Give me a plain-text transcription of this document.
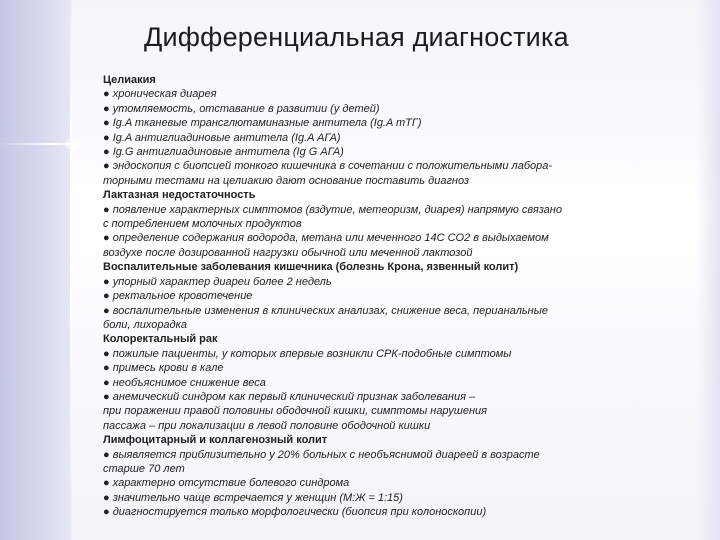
Дифференциальная диагностика
Целиакия
● хроническая диарея
● утомляемость, отставание в развитии (у детей)
● Ig.A тканевые трансглютаминазные антитела (Ig.A тТГ)
● Ig.A антиглиадиновые антитела (Ig.A АГА)
● Ig.G антиглиадиновые антитела (Ig G АГА)
● эндоскопия с биопсией тонкого кишечника в сочетании с положительными лабора-
торными тестами на целиакию дают основание поставить диагноз
Лактазная недостаточность
● появление характерных симптомов (вздутие, метеоризм, диарея) напрямую связано
с потреблением молочных продуктов
● определение содержания водорода, метана или меченного 14С СО2 в выдыхаемом
воздухе после дозированной нагрузки обычной или меченной лактозой
Воспалительные заболевания кишечника (болезнь Крона, язвенный колит)
● упорный характер диареи более 2 недель
● ректальное кровотечение
● воспалительные изменения в клинических анализах, снижение веса, перианальные
боли, лихорадка
Колоректальный рак
● пожилые пациенты, у которых впервые возникли СРК-подобные симптомы
● примесь крови в кале
● необъяснимое снижение веса
● анемический синдром как первый клинический признак заболевания –
при поражении правой половины ободочной кишки, симптомы нарушения
пассажа – при локализации в левой половине ободочной кишки
Лимфоцитарный и коллагенозный колит
● выявляется приблизительно у 20% больных с необъяснимой диареей в возрасте
старше 70 лет
● характерно отсутствие болевого синдрома
● значительно чаще встречается у женщин (М:Ж = 1:15)
● диагностируется только морфологически (биопсия при колоноскопии)
